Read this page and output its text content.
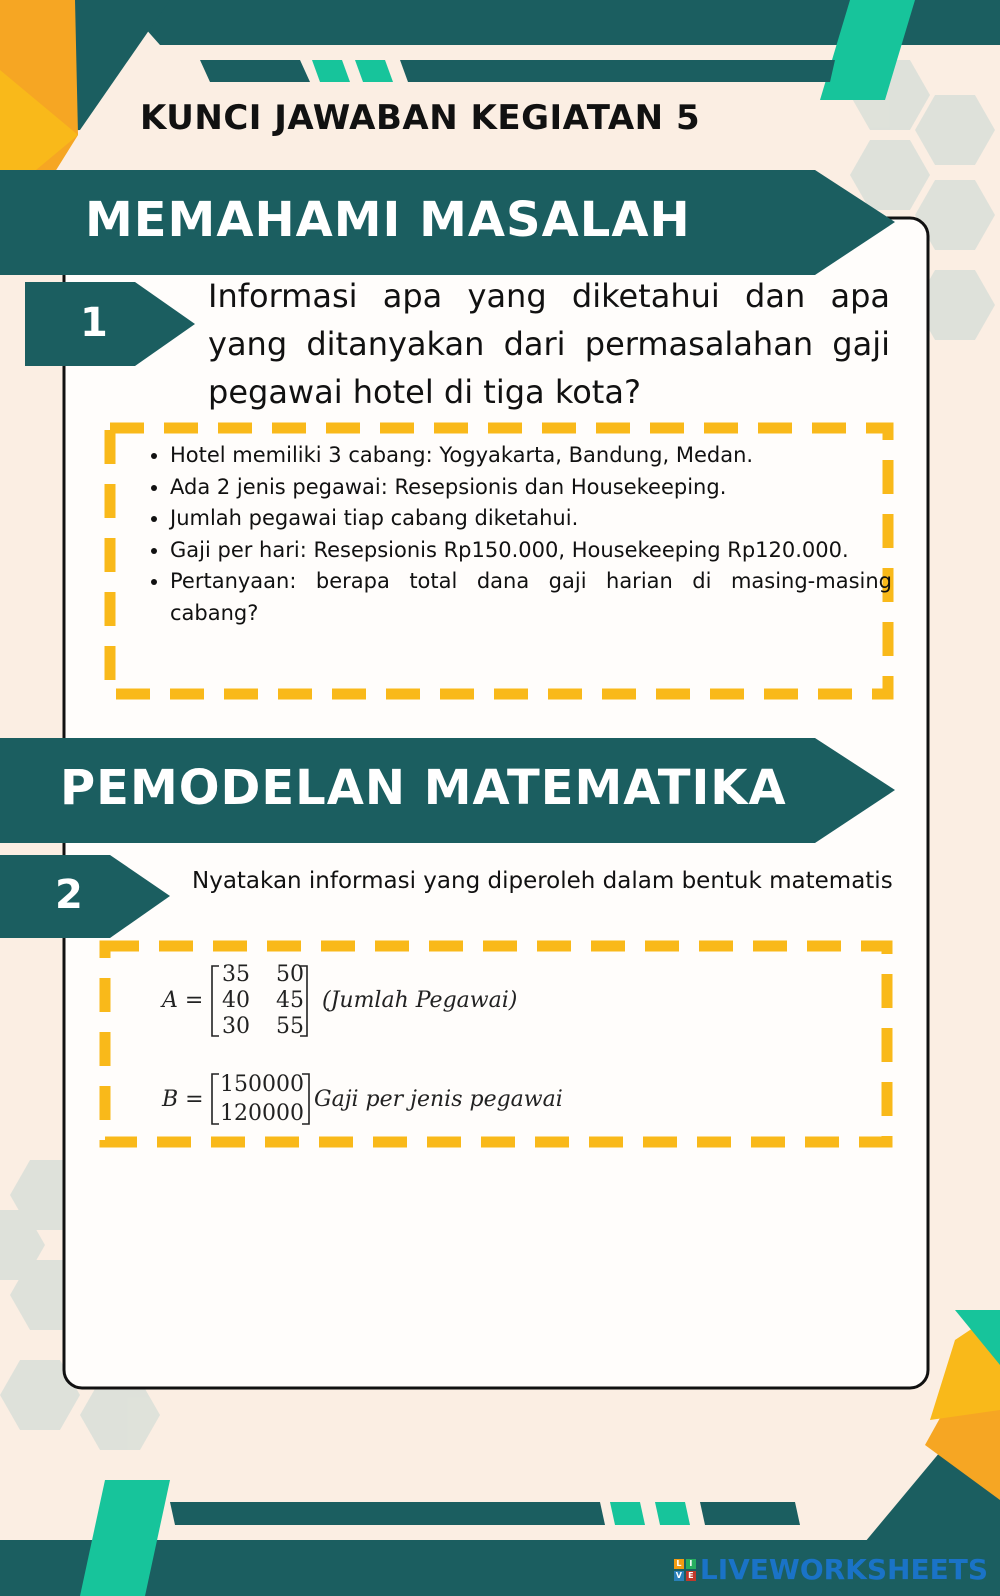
KUNCI JAWABAN KEGIATAN 5
MEMAHAMI MASALAH
1
Informasi apa yang diketahui dan apa yang ditanyakan dari permasalahan gaji pegawai hotel di tiga kota?
• Hotel memiliki 3 cabang: Yogyakarta, Bandung, Medan.
• Ada 2 jenis pegawai: Resepsionis dan Housekeeping.
• Jumlah pegawai tiap cabang diketahui.
• Gaji per hari: Resepsionis Rp150.000, Housekeeping Rp120.000.
• Pertanyaan: berapa total dana gaji harian di masing-masing cabang?
PEMODELAN MATEMATIKA
2	Nyatakan informasi yang diperoleh dalam bentuk matematis
A =
35 50
40 45
30 55
(Jumlah Pegawai)
B =
150000
120000
Gaji per jenis pegawai
L I
V E LIVEWORKSHEETS
